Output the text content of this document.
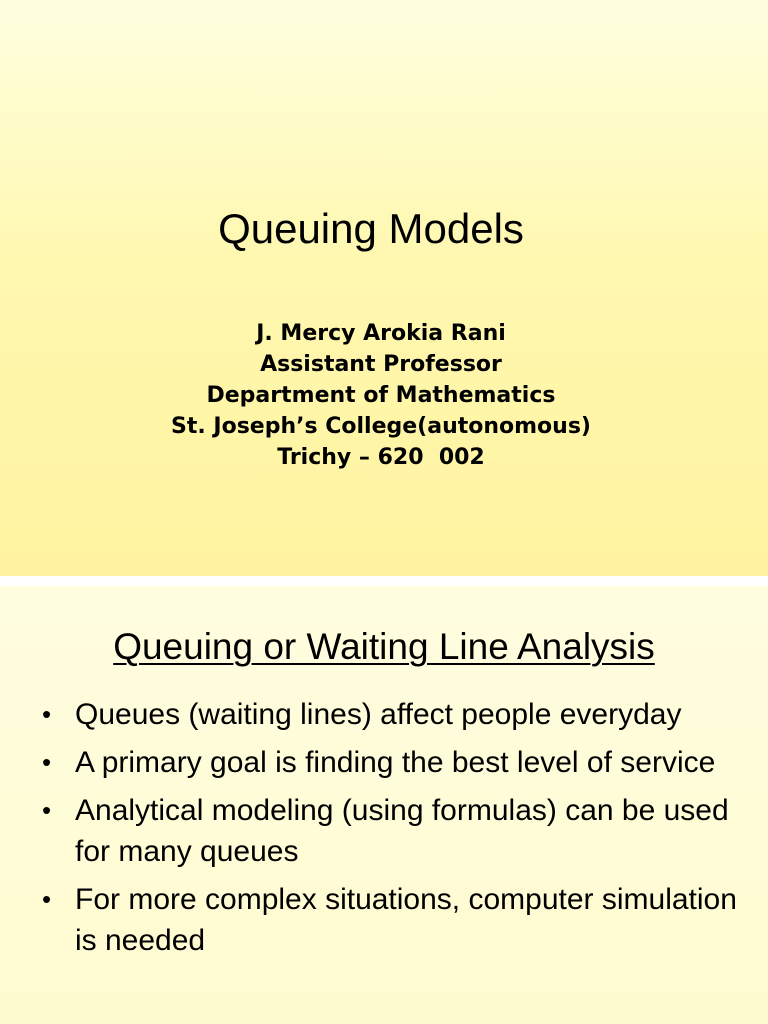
Queuing Models
J. Mercy Arokia Rani
Assistant Professor
Department of Mathematics
St. Joseph’s College(autonomous)
Trichy – 620  002
Queuing or Waiting Line Analysis
• Queues (waiting lines) affect people everyday
• A primary goal is finding the best level of service
• Analytical modeling (using formulas) can be used for many queues
• For more complex situations, computer simulation is needed
